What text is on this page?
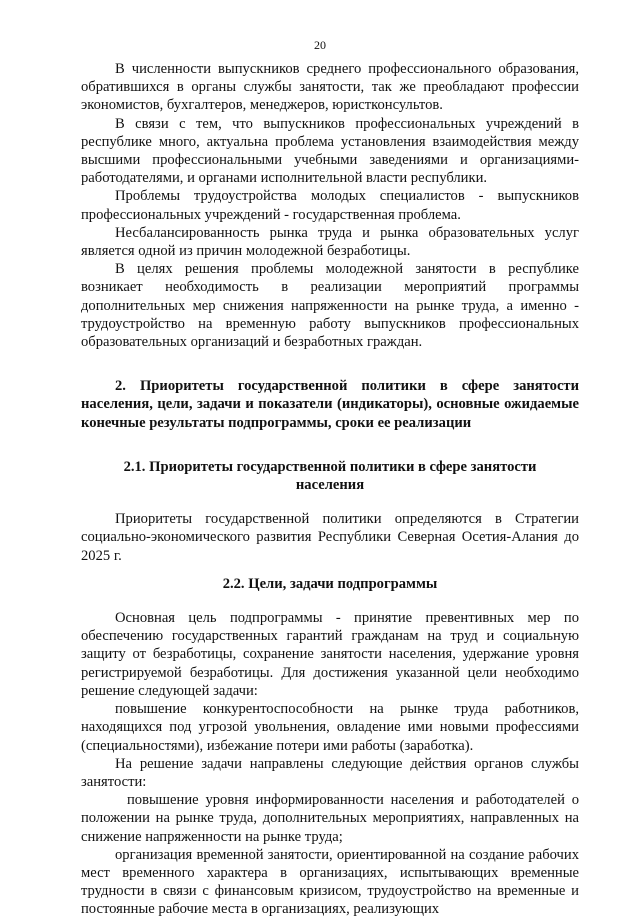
20

В численности выпускников среднего профессионального образования, обратившихся в органы службы занятости, так же преобладают профессии экономистов, бухгалтеров, менеджеров, юристконсультов.

В связи с тем, что выпускников профессиональных учреждений в республике много, актуальна проблема установления взаимодействия между высшими профессиональными учебными заведениями и организациями-работодателями, и органами исполнительной власти республики.

Проблемы трудоустройства молодых специалистов - выпускников профессиональных учреждений - государственная проблема.

Несбалансированность рынка труда и рынка образовательных услуг является одной из причин молодежной безработицы.

В целях решения проблемы молодежной занятости в республике возникает необходимость в реализации мероприятий программы дополнительных мер снижения напряженности на рынке труда, а именно - трудоустройство на временную работу выпускников профессиональных образовательных организаций и безработных граждан.

2. Приоритеты государственной политики в сфере занятости населения, цели, задачи и показатели (индикаторы), основные ожидаемые конечные результаты подпрограммы, сроки ее реализации

2.1. Приоритеты государственной политики в сфере занятости населения

Приоритеты государственной политики определяются в Стратегии социально-экономического развития Республики Северная Осетия-Алания до 2025 г.

2.2. Цели, задачи подпрограммы

Основная цель подпрограммы - принятие превентивных мер по обеспечению государственных гарантий гражданам на труд и социальную защиту от безработицы, сохранение занятости населения, удержание уровня регистрируемой безработицы. Для достижения указанной цели необходимо решение следующей задачи:

повышение конкурентоспособности на рынке труда работников, находящихся под угрозой увольнения, овладение ими новыми профессиями (специальностями), избежание потери ими работы (заработка).

На решение задачи направлены следующие действия органов службы занятости:

повышение уровня информированности населения и работодателей о положении на рынке труда, дополнительных мероприятиях, направленных на снижение напряженности на рынке труда;

организация временной занятости, ориентированной на создание рабочих мест временного характера в организациях, испытывающих временные трудности в связи с финансовым кризисом, трудоустройство на временные и постоянные рабочие места в организациях, реализующих
